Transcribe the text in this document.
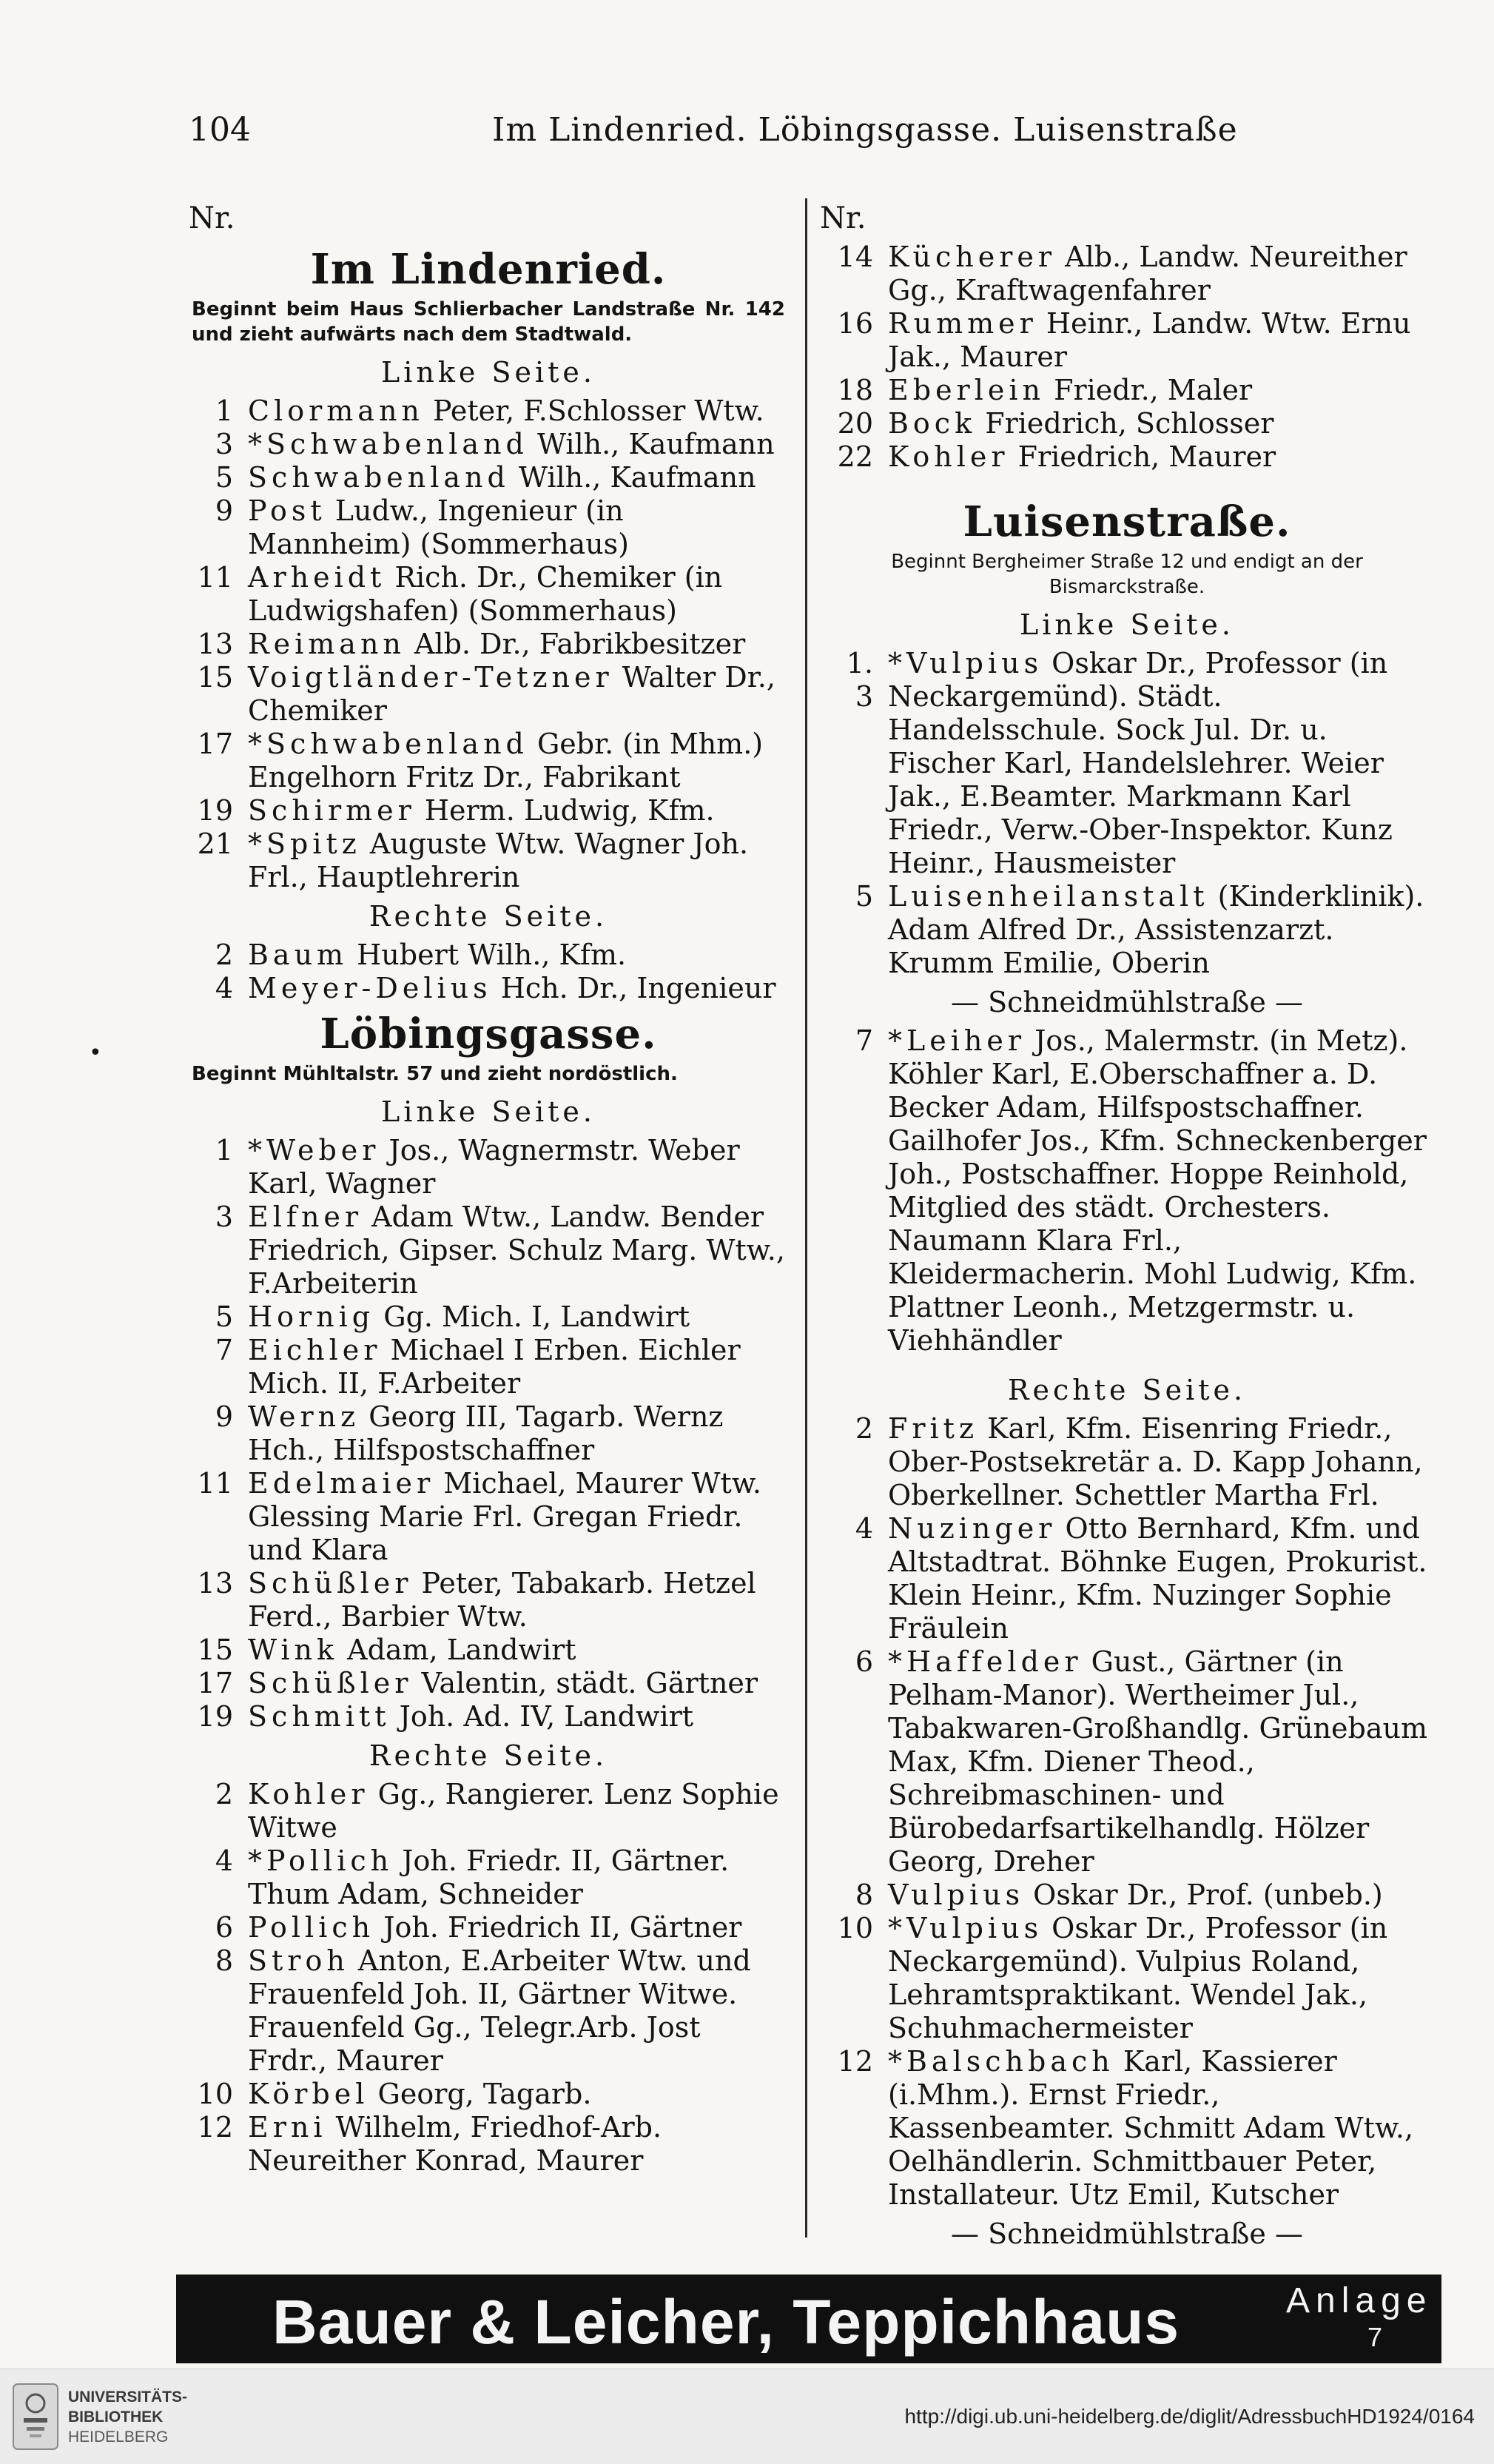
104	Im Lindenried. Löbingsgasse. Luisenstraße
•
Nr.
Im Lindenried.
Beginnt beim Haus Schlierbacher Landstraße Nr. 142 und zieht aufwärts nach dem Stadtwald.
Linke Seite.
1 Clormann Peter, F.Schlosser Wtw.
3 *Schwabenland Wilh., Kaufmann
5 Schwabenland Wilh., Kaufmann
9 Post Ludw., Ingenieur (in Mannheim) (Sommerhaus)
11 Arheidt Rich. Dr., Chemiker (in Ludwigshafen) (Sommerhaus)
13 Reimann Alb. Dr., Fabrikbesitzer
15 Voigtländer-Tetzner Walter Dr., Chemiker
17 *Schwabenland Gebr. (in Mhm.) Engelhorn Fritz Dr., Fabrikant
19 Schirmer Herm. Ludwig, Kfm.
21 *Spitz Auguste Wtw. Wagner Joh. Frl., Hauptlehrerin
Rechte Seite.
2 Baum Hubert Wilh., Kfm.
4 Meyer-Delius Hch. Dr., Ingenieur
Löbingsgasse.
Beginnt Mühltalstr. 57 und zieht nordöstlich.
Linke Seite.
1 *Weber Jos., Wagnermstr. Weber Karl, Wagner
3 Elfner Adam Wtw., Landw. Bender Friedrich, Gipser. Schulz Marg. Wtw., F.Arbeiterin
5 Hornig Gg. Mich. I, Landwirt
7 Eichler Michael I Erben. Eichler Mich. II, F.Arbeiter
9 Wernz Georg III, Tagarb. Wernz Hch., Hilfspostschaffner
11 Edelmaier Michael, Maurer Wtw. Glessing Marie Frl. Gregan Friedr. und Klara
13 Schüßler Peter, Tabakarb. Hetzel Ferd., Barbier Wtw.
15 Wink Adam, Landwirt
17 Schüßler Valentin, städt. Gärtner
19 Schmitt Joh. Ad. IV, Landwirt
Rechte Seite.
2 Kohler Gg., Rangierer. Lenz Sophie Witwe
4 *Pollich Joh. Friedr. II, Gärtner. Thum Adam, Schneider
6 Pollich Joh. Friedrich II, Gärtner
8 Stroh Anton, E.Arbeiter Wtw. und Frauenfeld Joh. II, Gärtner Witwe. Frauenfeld Gg., Telegr.Arb. Jost Frdr., Maurer
10 Körbel Georg, Tagarb.
12 Erni Wilhelm, Friedhof-Arb. Neureither Konrad, Maurer
Nr.
14 Kücherer Alb., Landw. Neureither Gg., Kraftwagenfahrer
16 Rummer Heinr., Landw. Wtw. Ernu Jak., Maurer
18 Eberlein Friedr., Maler
20 Bock Friedrich, Schlosser
22 Kohler Friedrich, Maurer
Luisenstraße.
Beginnt Bergheimer Straße 12 und endigt an der Bismarckstraße.
Linke Seite.
1. 3
*Vulpius Oskar Dr., Professor (in Neckargemünd). Städt. Handelsschule. Sock Jul. Dr. u. Fischer Karl, Handelslehrer. Weier Jak., E.Beamter. Markmann Karl Friedr., Verw.-Ober-Inspektor. Kunz Heinr., Hausmeister
5 Luisenheilanstalt (Kinderklinik). Adam Alfred Dr., Assistenzarzt. Krumm Emilie, Oberin
— Schneidmühlstraße —
7 *Leiher Jos., Malermstr. (in Metz). Köhler Karl, E.Oberschaffner a. D. Becker Adam, Hilfspostschaffner. Gailhofer Jos., Kfm. Schneckenberger Joh., Postschaffner. Hoppe Reinhold, Mitglied des städt. Orchesters. Naumann Klara Frl., Kleidermacherin. Mohl Ludwig, Kfm. Plattner Leonh., Metzgermstr. u. Viehhändler
Rechte Seite.
2 Fritz Karl, Kfm. Eisenring Friedr., Ober-Postsekretär a. D. Kapp Johann, Oberkellner. Schettler Martha Frl.
4 Nuzinger Otto Bernhard, Kfm. und Altstadtrat. Böhnke Eugen, Prokurist. Klein Heinr., Kfm. Nuzinger Sophie Fräulein
6 *Haffelder Gust., Gärtner (in Pelham-Manor). Wertheimer Jul., Tabakwaren-Großhandlg. Grünebaum Max, Kfm. Diener Theod., Schreibmaschinen- und Bürobedarfsartikelhandlg. Hölzer Georg, Dreher
8 Vulpius Oskar Dr., Prof. (unbeb.)
10 *Vulpius Oskar Dr., Professor (in Neckargemünd). Vulpius Roland, Lehramtspraktikant. Wendel Jak., Schuhmachermeister
12 *Balschbach Karl, Kassierer (i.Mhm.). Ernst Friedr., Kassenbeamter. Schmitt Adam Wtw., Oelhändlerin. Schmittbauer Peter, Installateur. Utz Emil, Kutscher
— Schneidmühlstraße —
Bauer & Leicher, Teppichhaus	Anlage
7
UNIVERSITÄTS-
BIBLIOTHEK
HEIDELBERG
http://digi.ub.uni-heidelberg.de/diglit/AdressbuchHD1924/0164
